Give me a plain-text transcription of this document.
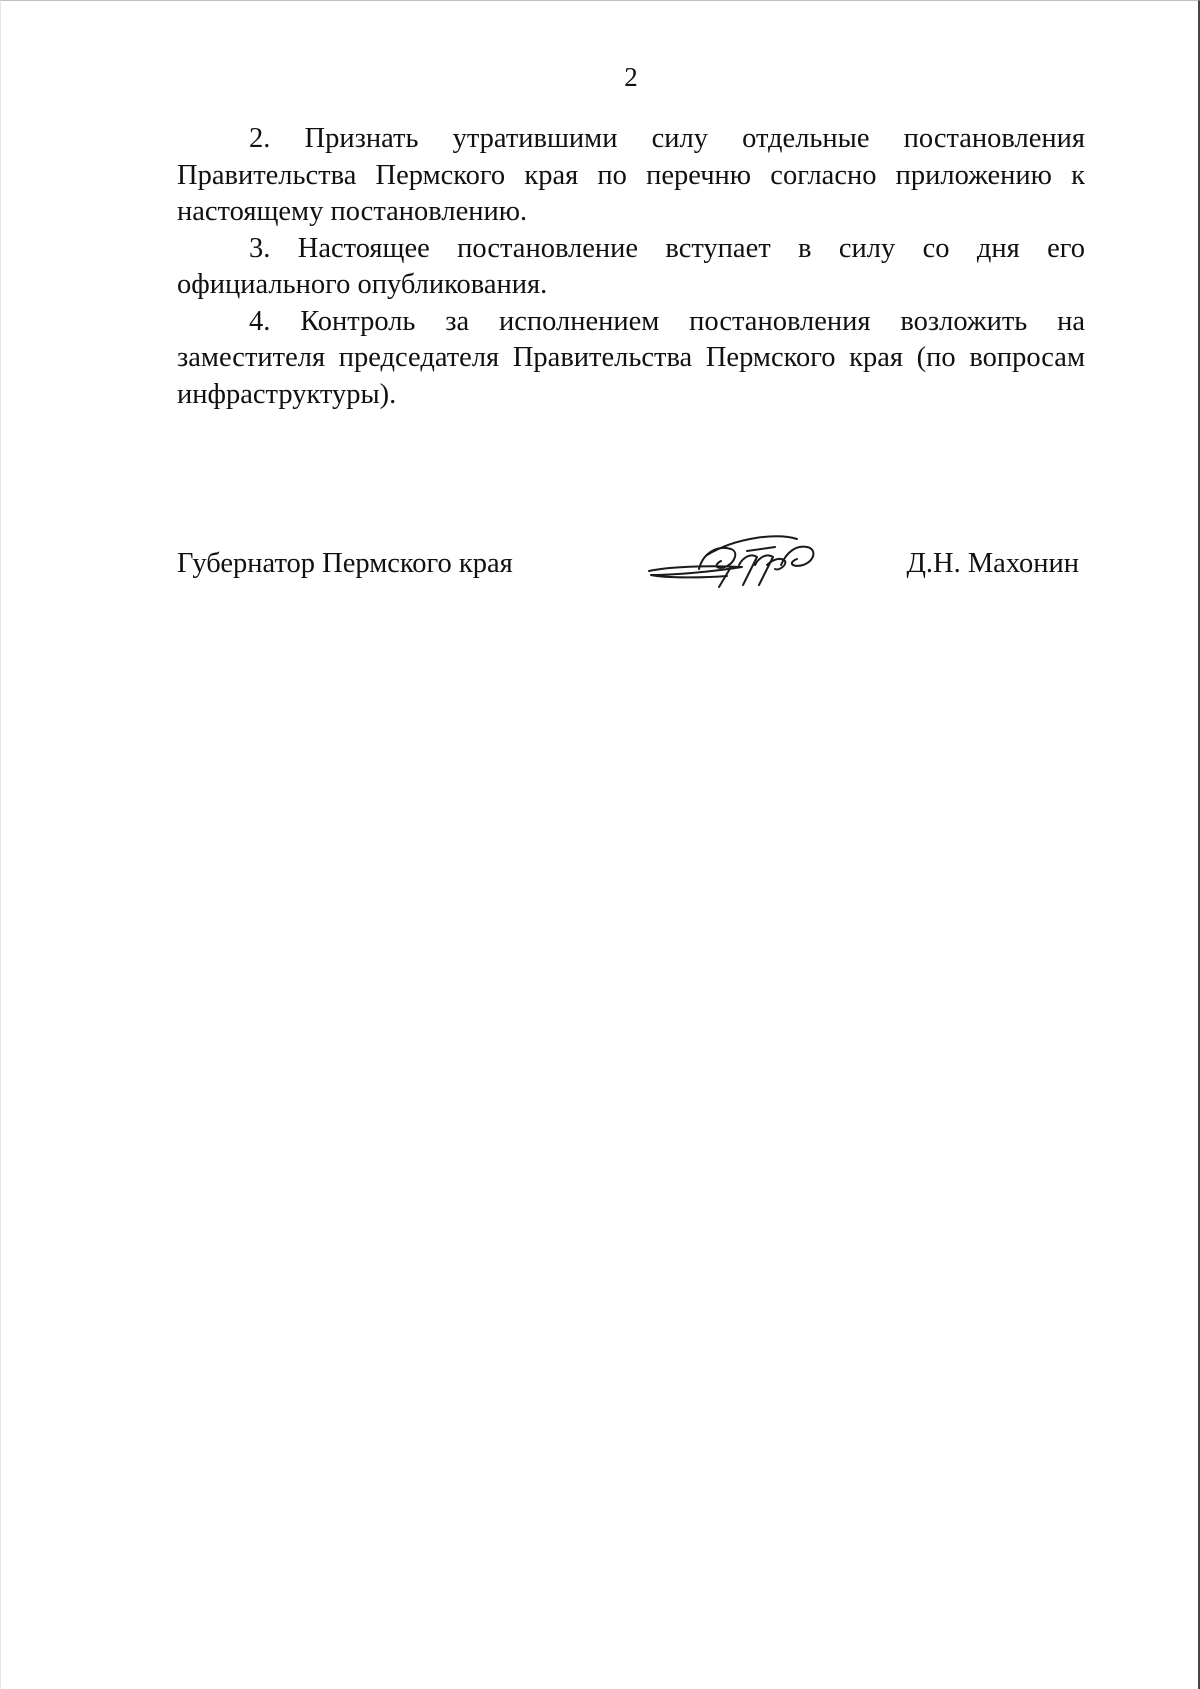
2

2. Признать утратившими силу отдельные постановления Правительства Пермского края по перечню согласно приложению к настоящему постановлению.

3. Настоящее постановление вступает в силу со дня его официального опубликования.

4. Контроль за исполнением постановления возложить на заместителя председателя Правительства Пермского края (по вопросам инфраструктуры).

Губернатор Пермского края	Д.Н. Махонин
